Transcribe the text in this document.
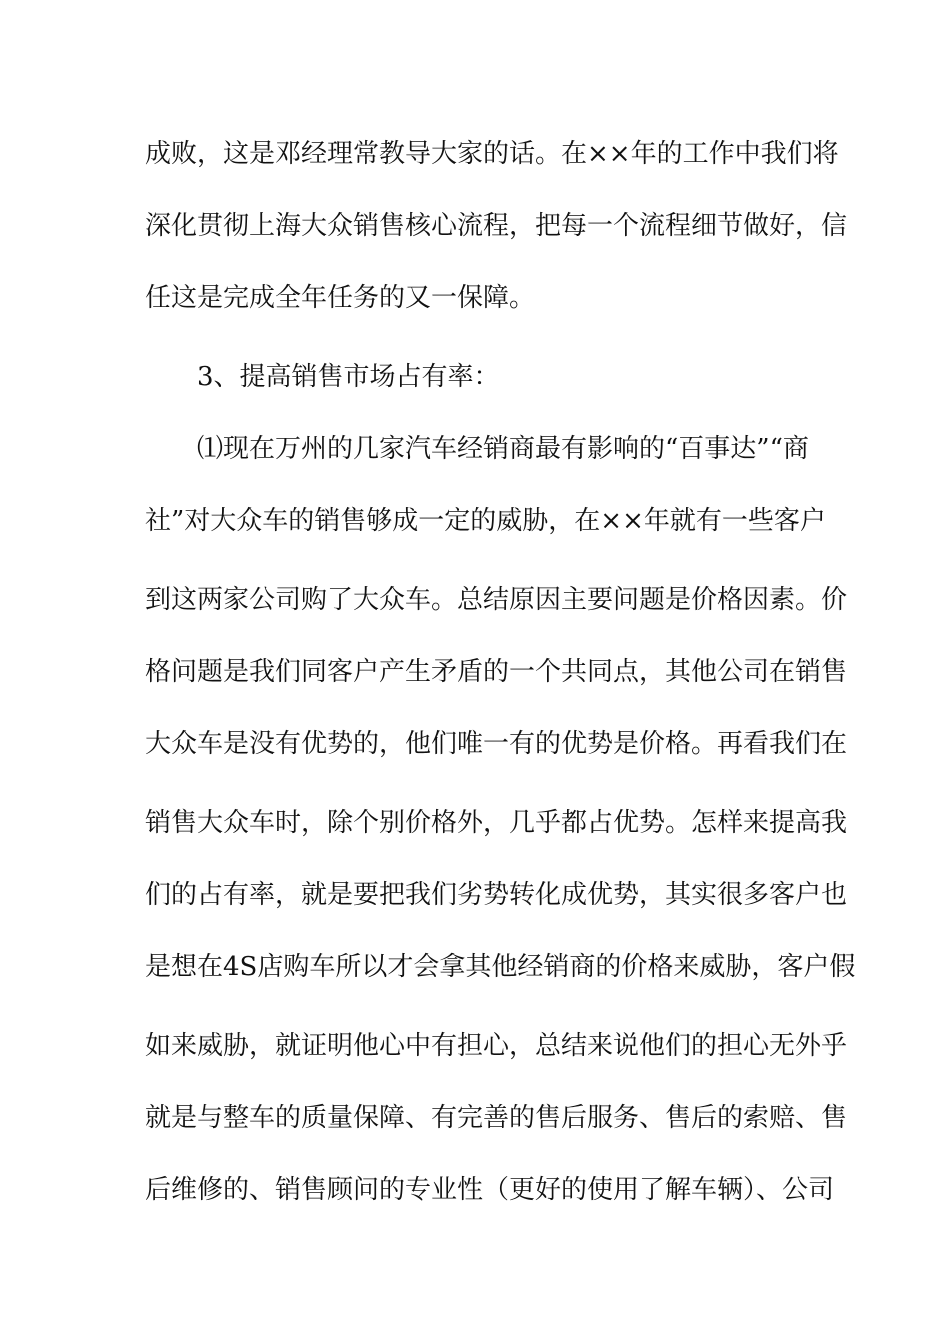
成败，这是邓经理常教导大家的话。在××年的工作中我们将
深化贯彻上海大众销售核心流程，把每一个流程细节做好，信
任这是完成全年任务的又一保障。
3、提高销售市场占有率：
⑴现在万州的几家汽车经销商最有影响的“百事达”“商
社”对大众车的销售够成一定的威胁，在××年就有一些客户
到这两家公司购了大众车。总结原因主要问题是价格因素。价
格问题是我们同客户产生矛盾的一个共同点，其他公司在销售
大众车是没有优势的，他们唯一有的优势是价格。再看我们在
销售大众车时，除个别价格外，几乎都占优势。怎样来提高我
们的占有率，就是要把我们劣势转化成优势，其实很多客户也
是想在4S店购车所以才会拿其他经销商的价格来威胁，客户假
如来威胁，就证明他心中有担心，总结来说他们的担心无外乎
就是与整车的质量保障、有完善的售后服务、售后的索赔、售
后维修的、销售顾问的专业性（更好的使用了解车辆）、公司
